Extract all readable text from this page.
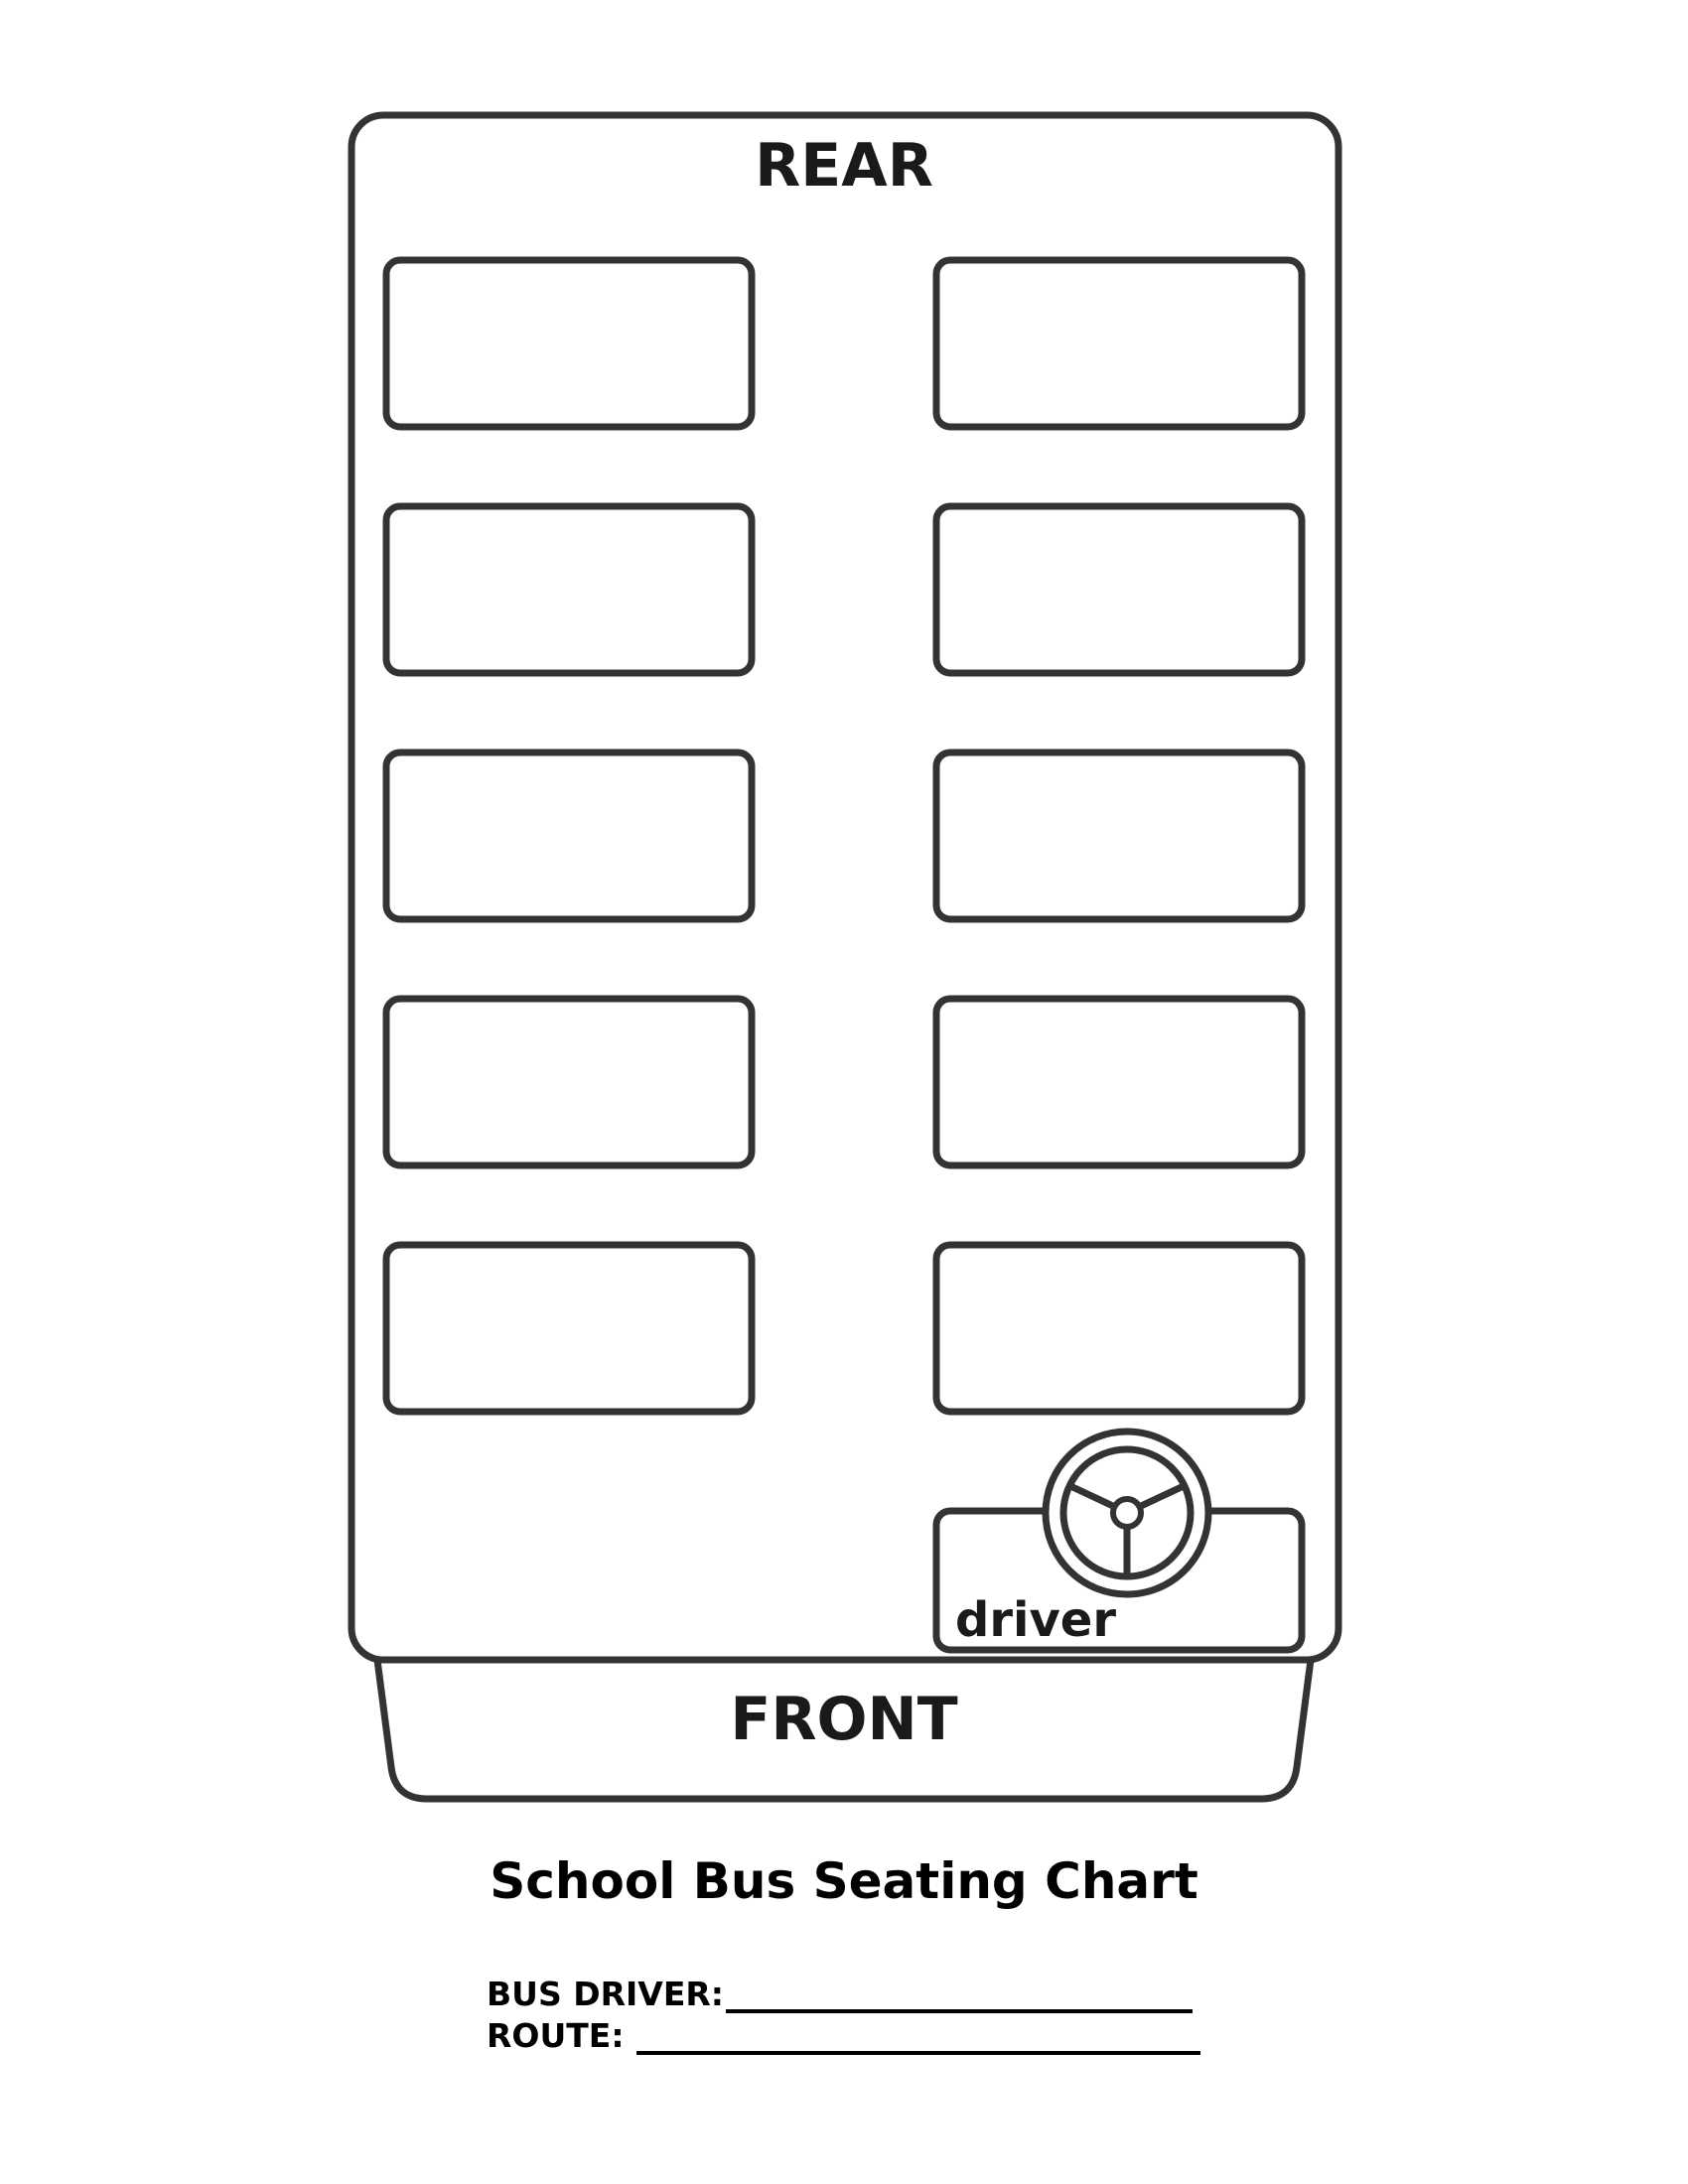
REAR
FRONT
driver
School Bus Seating Chart
BUS DRIVER:
ROUTE:
